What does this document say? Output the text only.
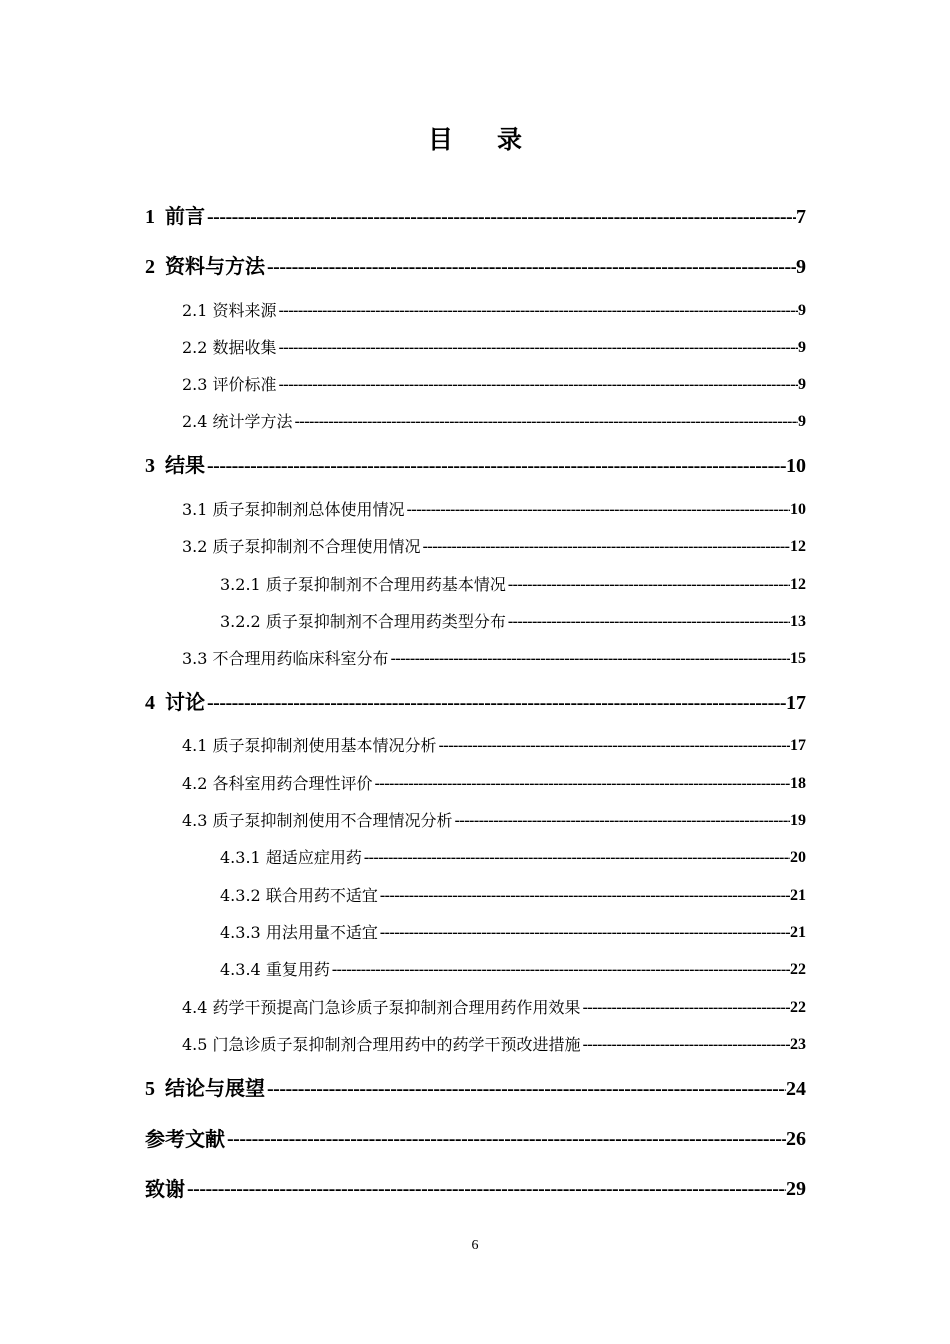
目录
1 前言 -----	7
2 资料与方法 -----	9
2.1 资料来源 -----	9
2.2 数据收集 -----	9
2.3 评价标准 -----	9
2.4 统计学方法 -----	9
3 结果 -----	10
3.1 质子泵抑制剂总体使用情况 -----	10
3.2 质子泵抑制剂不合理使用情况 -----	12
3.2.1 质子泵抑制剂不合理用药基本情况 -----	12
3.2.2 质子泵抑制剂不合理用药类型分布 -----	13
3.3 不合理用药临床科室分布 -----	15
4 讨论 -----	17
4.1 质子泵抑制剂使用基本情况分析 -----	17
4.2 各科室用药合理性评价 -----	18
4.3 质子泵抑制剂使用不合理情况分析 -----	19
4.3.1 超适应症用药 -----	20
4.3.2 联合用药不适宜 -----	21
4.3.3 用法用量不适宜 -----	21
4.3.4 重复用药 -----	22
4.4 药学干预提高门急诊质子泵抑制剂合理用药作用效果 -----	22
4.5 门急诊质子泵抑制剂合理用药中的药学干预改进措施 -----	23
5 结论与展望 -----	24
参考文献 -----	26
致谢 -----	29
6
